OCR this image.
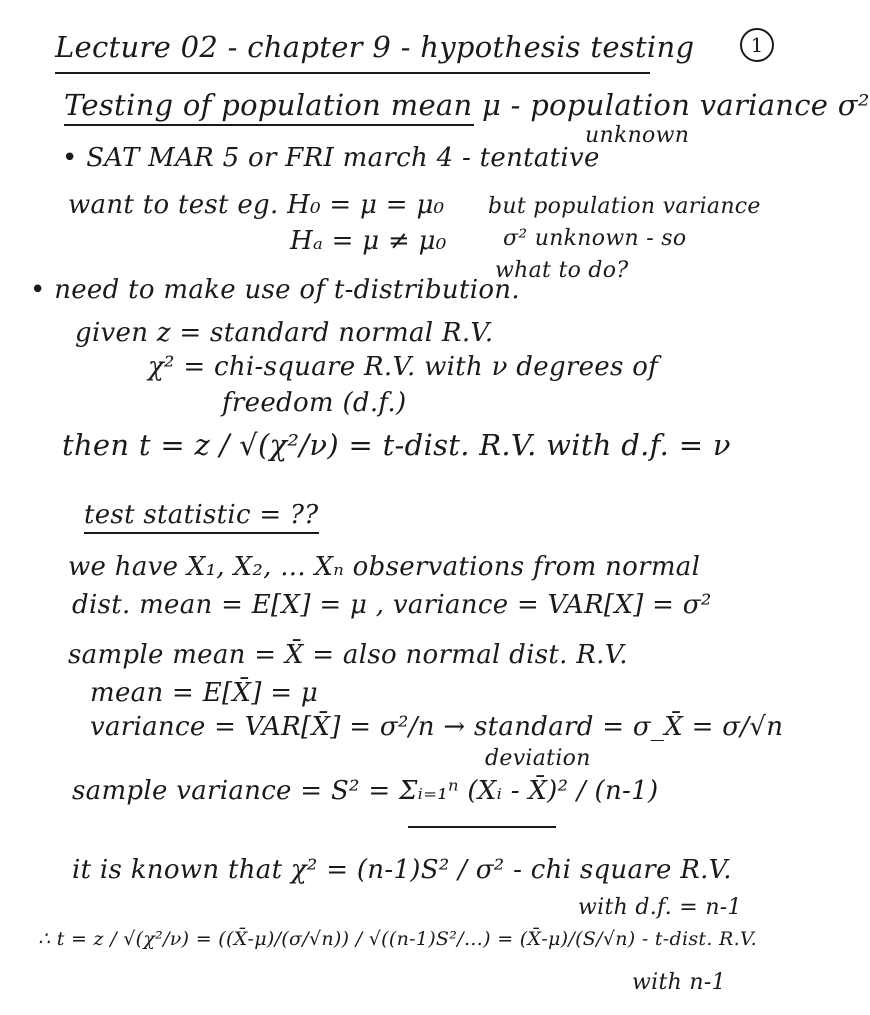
1
Lecture 02 - chapter 9 - hypothesis testing
Testing of population mean μ - population variance σ²
unknown
• SAT MAR 5 or FRI march 4 - tentative
want to test eg. H₀ = μ = μ₀
Hₐ = μ ≠ μ₀
but population variance
σ² unknown - so
what to do?
• need to make use of t-distribution.
given z = standard normal R.V.
χ² = chi-square R.V. with ν degrees of
freedom (d.f.)
then t = z / √(χ²/ν) = t-dist. R.V. with d.f. = ν
test statistic = ??
we have X₁, X₂, ... Xₙ observations from normal
dist. mean = E[X] = μ , variance = VAR[X] = σ²
sample mean = X̄ = also normal dist. R.V.
mean = E[X̄] = μ
variance = VAR[X̄] = σ²/n → standard = σ_X̄ = σ/√n
deviation
sample variance = S² = Σᵢ₌₁ⁿ (Xᵢ - X̄)² / (n-1)
it is known that χ² = (n-1)S² / σ² - chi square R.V.
with d.f. = n-1
∴ t = z / √(χ²/ν) = ((X̄-μ)/(σ/√n)) / √((n-1)S²/…) = (X̄-μ)/(S/√n) - t-dist. R.V.
with n-1
